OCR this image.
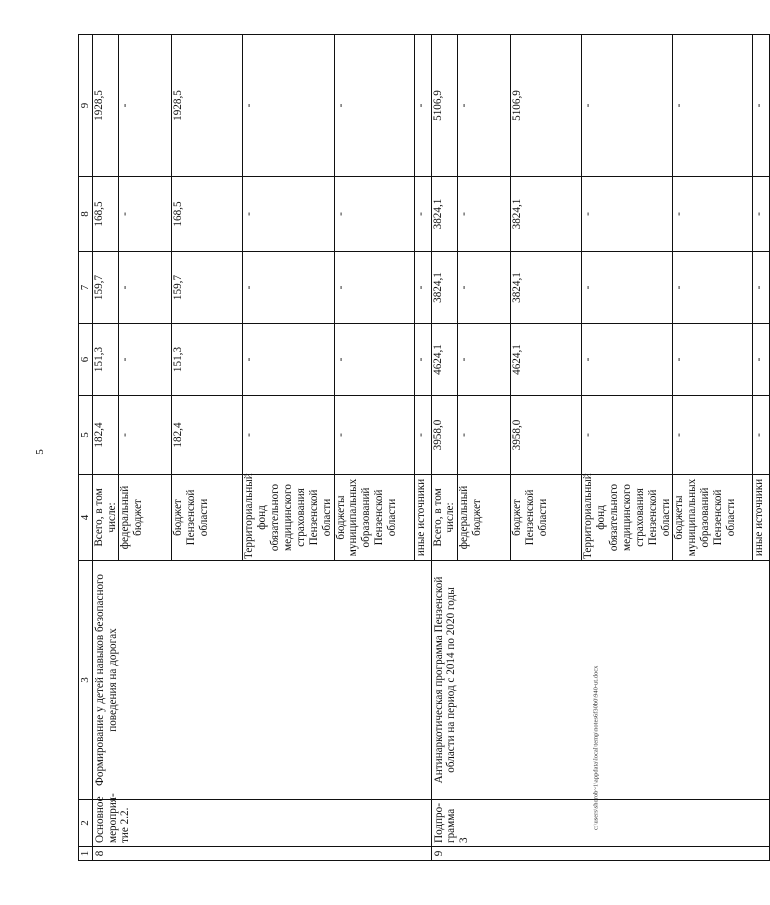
5
1	2	3	4	5	6	7	8	9
8	Основное мероприя-тие 2.2.	Формирование у детей навыков безопасного поведения на дорогах	Всего, в том числе:	182,4	151,3	159,7	168,5	1928,5
			федеральный бюджет	-	-	-	-	-
			бюджет Пензенской области	182,4	151,3	159,7	168,5	1928,5
			Территориальный фонд обязательного медицинского страхования Пензенской области	-	-	-	-	-
			бюджеты муниципальных образований Пензенской области	-	-	-	-	-
			иные источники	-	-	-	-	-
9	Подпро-грамма 3	Антинаркотическая программа Пензенской области на период с 2014 по 2020 годы	Всего, в том числе:	3958,0	4624,1	3824,1	3824,1	5106,9
			федеральный бюджет	-	-	-	-	-
			бюджет Пензенской области	3958,0	4624,1	3824,1	3824,1	5106,9
			Территориальный фонд обязательного медицинского страхования Пензенской области	-	-	-	-	-
			бюджеты муниципальных образований Пензенской области	-	-	-	-	-
			иные источники	-	-	-	-	-
c:\users\shorob~1\appdata\local\temp\notes6f30b0\940-ut.docx
